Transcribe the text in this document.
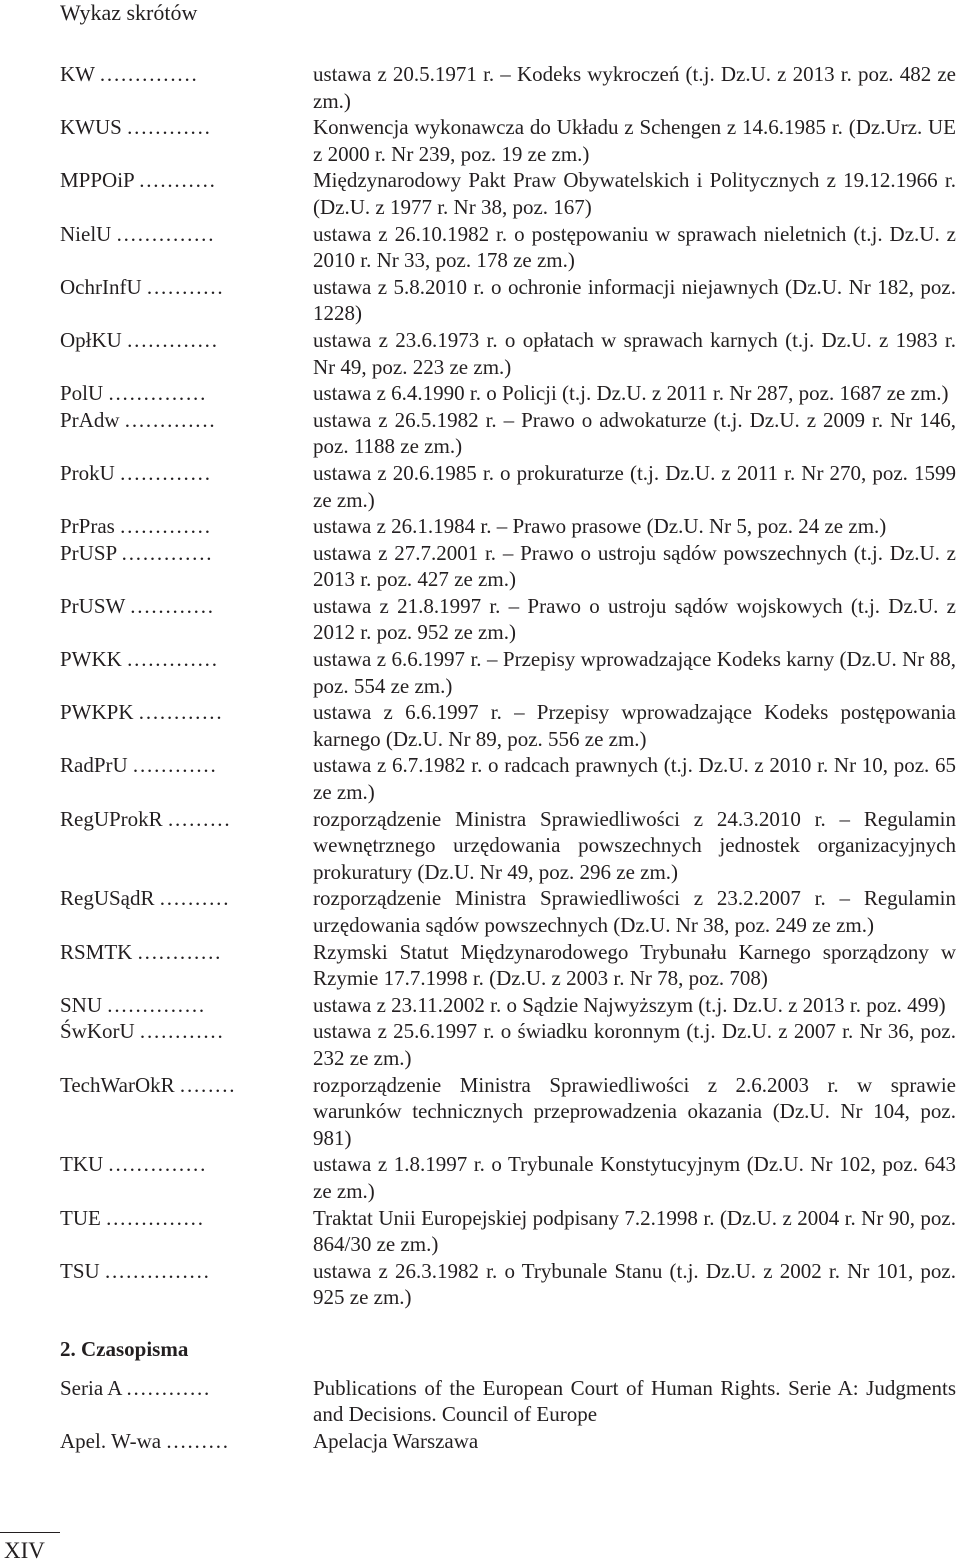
Wykaz skrótów
KW ..............	ustawa z 20.5.1971 r. – Kodeks wykroczeń (t.j. Dz.U. z 2013 r. poz. 482 ze zm.)
KWUS ............	Konwencja wykonawcza do Układu z Schengen z 14.6.1985 r. (Dz.Urz. UE z 2000 r. Nr 239, poz. 19 ze zm.)
MPPOiP ...........	Międzynarodowy Pakt Praw Obywatelskich i Politycznych z 19.12.1966 r. (Dz.U. z 1977 r. Nr 38, poz. 167)
NielU ..............	ustawa z 26.10.1982 r. o postępowaniu w sprawach nieletnich (t.j. Dz.U. z 2010 r. Nr 33, poz. 178 ze zm.)
OchrInfU ...........	ustawa z 5.8.2010 r. o ochronie informacji niejawnych (Dz.U. Nr 182, poz. 1228)
OpłKU .............	ustawa z 23.6.1973 r. o opłatach w sprawach karnych (t.j. Dz.U. z 1983 r. Nr 49, poz. 223 ze zm.)
PolU ..............	ustawa z 6.4.1990 r. o Policji (t.j. Dz.U. z 2011 r. Nr 287, poz. 1687 ze zm.)
PrAdw .............	ustawa z 26.5.1982 r. – Prawo o adwokaturze (t.j. Dz.U. z 2009 r. Nr 146, poz. 1188 ze zm.)
ProkU .............	ustawa z 20.6.1985 r. o prokuraturze (t.j. Dz.U. z 2011 r. Nr 270, poz. 1599 ze zm.)
PrPras .............	ustawa z 26.1.1984 r. – Prawo prasowe (Dz.U. Nr 5, poz. 24 ze zm.)
PrUSP .............	ustawa z 27.7.2001 r. – Prawo o ustroju sądów powszechnych (t.j. Dz.U. z 2013 r. poz. 427 ze zm.)
PrUSW ............	ustawa z 21.8.1997 r. – Prawo o ustroju sądów wojskowych (t.j. Dz.U. z 2012 r. poz. 952 ze zm.)
PWKK .............	ustawa z 6.6.1997 r. – Przepisy wprowadzające Kodeks karny (Dz.U. Nr 88, poz. 554 ze zm.)
PWKPK ............	ustawa z 6.6.1997 r. – Przepisy wprowadzające Kodeks postępowania karnego (Dz.U. Nr 89, poz. 556 ze zm.)
RadPrU ............	ustawa z 6.7.1982 r. o radcach prawnych (t.j. Dz.U. z 2010 r. Nr 10, poz. 65 ze zm.)
RegUProkR .........	rozporządzenie Ministra Sprawiedliwości z 24.3.2010 r. – Regulamin wewnętrznego urzędowania powszechnych jednostek organizacyjnych prokuratury (Dz.U. Nr 49, poz. 296 ze zm.)
RegUSądR ..........	rozporządzenie Ministra Sprawiedliwości z 23.2.2007 r. – Regulamin urzędowania sądów powszechnych (Dz.U. Nr 38, poz. 249 ze zm.)
RSMTK ............	Rzymski Statut Międzynarodowego Trybunału Karnego sporządzony w Rzymie 17.7.1998 r. (Dz.U. z 2003 r. Nr 78, poz. 708)
SNU ..............	ustawa z 23.11.2002 r. o Sądzie Najwyższym (t.j. Dz.U. z 2013 r. poz. 499)
ŚwKorU ............	ustawa z 25.6.1997 r. o świadku koronnym (t.j. Dz.U. z 2007 r. Nr 36, poz. 232 ze zm.)
TechWarOkR ........	rozporządzenie Ministra Sprawiedliwości z 2.6.2003 r. w sprawie warunków technicznych przeprowadzenia okazania (Dz.U. Nr 104, poz. 981)
TKU ..............	ustawa z 1.8.1997 r. o Trybunale Konstytucyjnym (Dz.U. Nr 102, poz. 643 ze zm.)
TUE ..............	Traktat Unii Europejskiej podpisany 7.2.1998 r. (Dz.U. z 2004 r. Nr 90, poz. 864/30 ze zm.)
TSU ...............	ustawa z 26.3.1982 r. o Trybunale Stanu (t.j. Dz.U. z 2002 r. Nr 101, poz. 925 ze zm.)
2. Czasopisma
Seria A ............	Publications of the European Court of Human Rights. Serie A: Judgments and Decisions. Council of Europe
Apel. W-wa .........	Apelacja Warszawa
XIV
